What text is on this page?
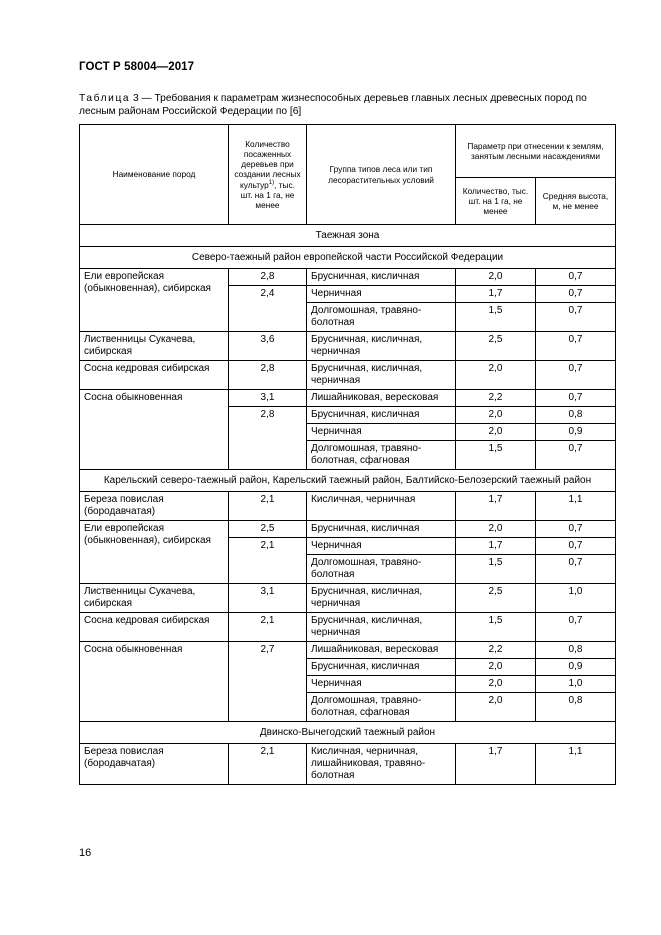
ГОСТ Р 58004—2017
Таблица 3 — Требования к параметрам жизнеспособных деревьев главных лесных древесных пород по лесным районам Российской Федерации по [6]
Наименование пород	Количество посаженных деревьев при создании лесных культур$^{1)}$, тыс. шт. на 1 га, не менее	Группа типов леса или тип лесорастительных условий	Параметр при отнесении к землям, занятым лесными насаждениями	
			Количество, тыс. шт. на 1 га, не менее	Средняя высота, м, не менее
Таежная зона				
Северо-таежный район европейской части Российской Федерации				
Ели европейская (обыкновенная), сибирская	2,8	Брусничная, кисличная	2,0	0,7
	2,4	Черничная	1,7	0,7
		Долгомошная, травяно-болотная	1,5	0,7
Лиственницы Сукачева, сибирская	3,6	Брусничная, кисличная, черничная	2,5	0,7
Сосна кедровая сибирская	2,8	Брусничная, кисличная, черничная	2,0	0,7
Сосна обыкновенная	3,1	Лишайниковая, вересковая	2,2	0,7
	2,8	Брусничная, кисличная	2,0	0,8
		Черничная	2,0	0,9
		Долгомошная, травяно-болотная, сфагновая	1,5	0,7
Карельский северо-таежный район, Карельский таежный район, Балтийско-Белозерский таежный район				
Береза повислая (бородавчатая)	2,1	Кисличная, черничная	1,7	1,1
Ели европейская (обыкновенная), сибирская	2,5	Брусничная, кисличная	2,0	0,7
	2,1	Черничная	1,7	0,7
		Долгомошная, травяно-болотная	1,5	0,7
Лиственницы Сукачева, сибирская	3,1	Брусничная, кисличная, черничная	2,5	1,0
Сосна кедровая сибирская	2,1	Брусничная, кисличная, черничная	1,5	0,7
Сосна обыкновенная	2,7	Лишайниковая, вересковая	2,2	0,8
		Брусничная, кисличная	2,0	0,9
		Черничная	2,0	1,0
		Долгомошная, травяно-болотная, сфагновая	2,0	0,8
Двинско-Вычегодский таежный район				
Береза повислая (бородавчатая)	2,1	Кисличная, черничная, лишайниковая, травяно-болотная	1,7	1,1
16
